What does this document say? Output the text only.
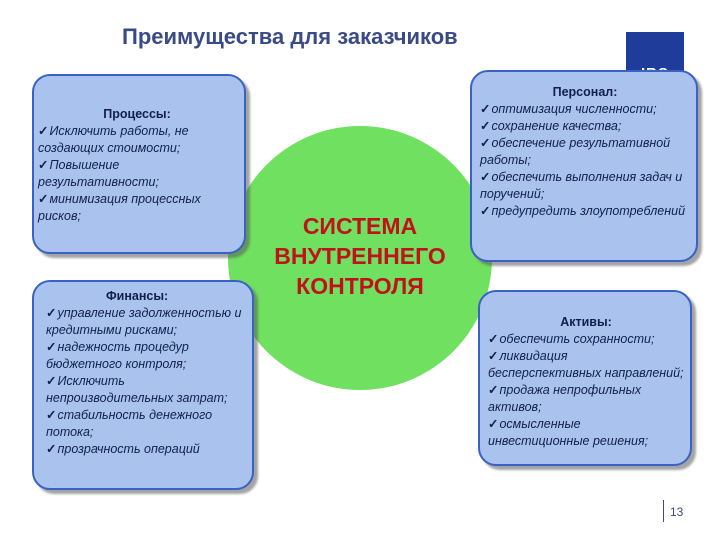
Преимущества для заказчиков
СИСТЕМА
ВНУТРЕННЕГО
КОНТРОЛЯ
Процессы:
✓ Исключить работы, не создающих стоимости;
✓ Повышение результативности;
✓ минимизация процессных рисков;
Финансы:
✓ управление задолженностью и кредитными рисками;
✓ надежность процедур бюджетного контроля;
✓ Исключить непроизводительных затрат;
✓ стабильность денежного потока;
✓ прозрачность операций
Персонал:
✓ оптимизация численности;
✓ сохранение качества;
✓ обеспечение результативной работы;
✓ обеспечить выполнения задач и поручений;
✓ предупредить злоупотреблений
Активы:
✓ обеспечить сохранности;
✓ ликвидация бесперспективных направлений;
✓ продажа непрофильных активов;
✓ осмысленные инвестиционные решения;
13
